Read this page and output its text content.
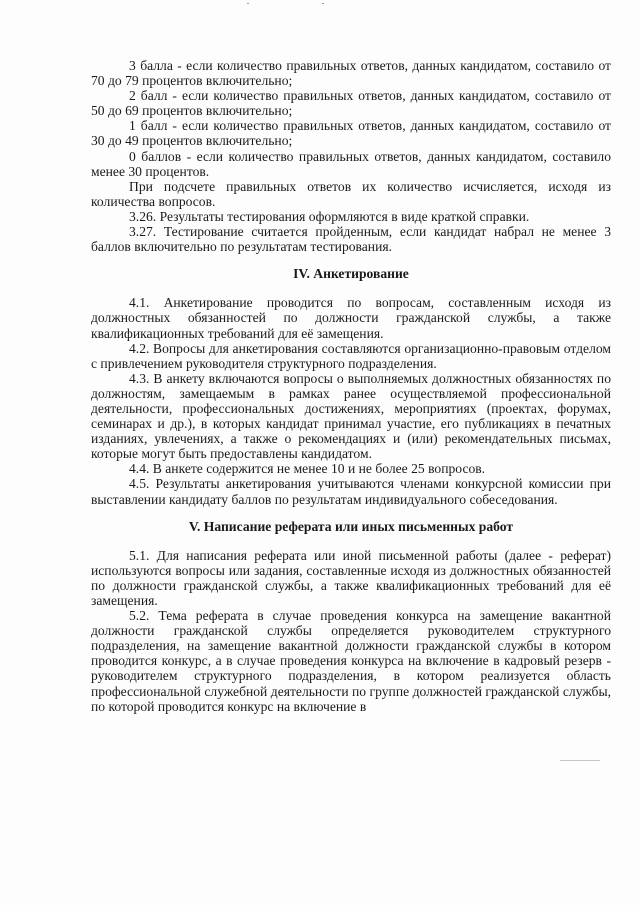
3 балла - если количество правильных ответов, данных кандидатом, составило от 70 до 79 процентов включительно;

2 балл - если количество правильных ответов, данных кандидатом, составило от 50 до 69 процентов включительно;

1 балл - если количество правильных ответов, данных кандидатом, составило от 30 до 49 процентов включительно;

0 баллов - если количество правильных ответов, данных кандидатом, составило менее 30 процентов.

При подсчете правильных ответов их количество исчисляется, исходя из количества вопросов.

3.26. Результаты тестирования оформляются в виде краткой справки.

3.27. Тестирование считается пройденным, если кандидат набрал не менее 3 баллов включительно по результатам тестирования.

IV. Анкетирование

4.1. Анкетирование проводится по вопросам, составленным исходя из должностных обязанностей по должности гражданской службы, а также квалификационных требований для её замещения.

4.2. Вопросы для анкетирования составляются организационно-правовым отделом с привлечением руководителя структурного подразделения.

4.3. В анкету включаются вопросы о выполняемых должностных обязанностях по должностям, замещаемым в рамках ранее осуществляемой профессиональной деятельности, профессиональных достижениях, мероприятиях (проектах, форумах, семинарах и др.), в которых кандидат принимал участие, его публикациях в печатных изданиях, увлечениях, а также о рекомендациях и (или) рекомендательных письмах, которые могут быть предоставлены кандидатом.

4.4. В анкете содержится не менее 10 и не более 25 вопросов.

4.5. Результаты анкетирования учитываются членами конкурсной комиссии при выставлении кандидату баллов по результатам индивидуального собеседования.

V. Написание реферата или иных письменных работ

5.1. Для написания реферата или иной письменной работы (далее - реферат) используются вопросы или задания, составленные исходя из должностных обязанностей по должности гражданской службы, а также квалификационных требований для её замещения.

5.2. Тема реферата в случае проведения конкурса на замещение вакантной должности гражданской службы определяется руководителем структурного подразделения, на замещение вакантной должности гражданской службы в котором проводится конкурс, а в случае проведения конкурса на включение в кадровый резерв - руководителем структурного подразделения, в котором реализуется область профессиональной служебной деятельности по группе должностей гражданской службы, по которой проводится конкурс на включение в
